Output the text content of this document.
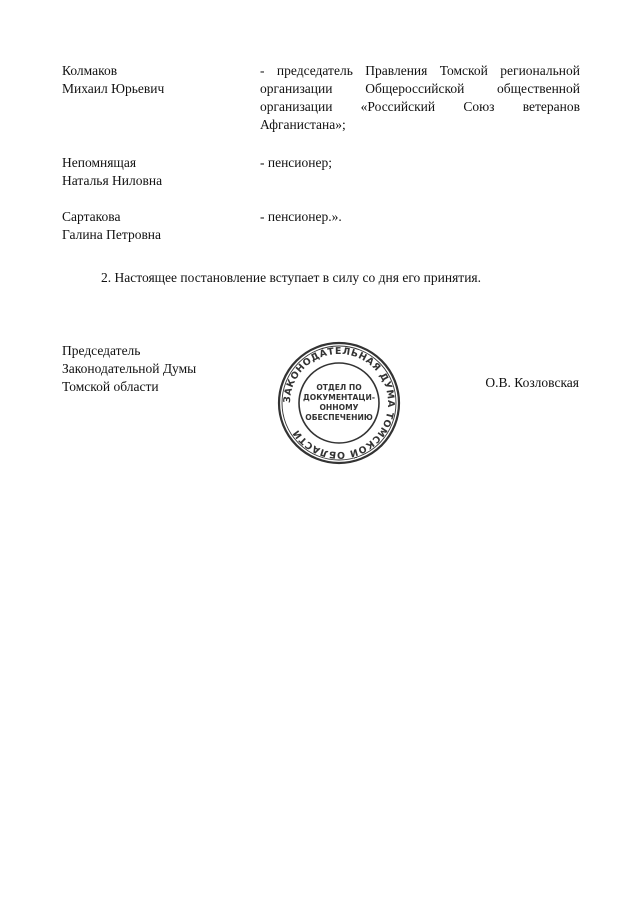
Колмаков
Михаил Юрьевич
- председатель Правления Томской региональной
организации Общероссийской общественной
организации «Российский Союз ветеранов
Афганистана»;
Непомнящая
Наталья Ниловна
- пенсионер;
Сартакова
Галина Петровна
- пенсионер.».
2. Настоящее постановление вступает в силу со дня его принятия.
Председатель
Законодательной Думы
Томской области	О.В. Козловская
ЗАКОНОДАТЕЛЬНАЯ ДУМА ТОМСКОЙ ОБЛАСТИ
ОТДЕЛ ПО
ДОКУМЕНТАЦИ-
ОННОМУ
ОБЕСПЕЧЕНИЮ
